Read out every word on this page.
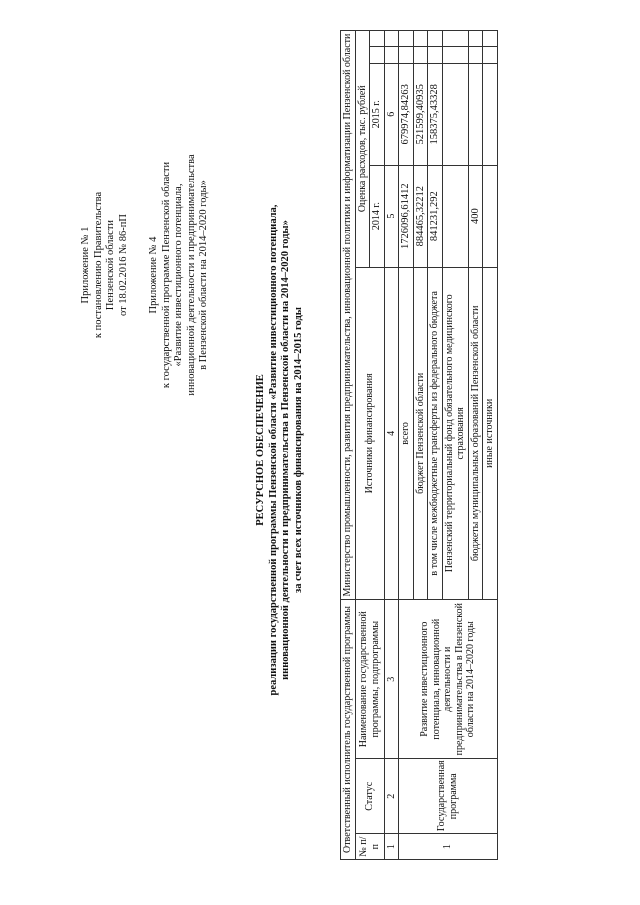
Приложение № 1 к постановлению Правительства Пензенской области от 18.02.2016 № 86-пП Приложение № 4 к государственной программе Пензенской области «Развитие инвестиционного потенциала, инновационной деятельности и предпринимательства в Пензенской области на 2014–2020 годы»
РЕСУРСНОЕ ОБЕСПЕЧЕНИЕ реализации государственной программы Пензенской области «Развитие инвестиционного потенциала, инновационной деятельности и предпринимательства в Пензенской области на 2014–2020 годы» за счет всех источников финансирования на 2014–2015 годы
Ответственный исполнитель государственной программы			Министерство промышленности, развития предпринимательства, инновационной политики и информатизации Пензенской области				
№ п/п	Статус	Наименование государственной программы, подпрограммы	Источники финансирования	Оценка расходов, тыс. рублей			
				2014 г.	2015 г.		
1	2	3	4	5	6		
1	Государственная программа	Развитие инвестиционного потенциала, инновационной деятельности и предпринимательства в Пензенской области на 2014–2020 годы	всего	1726096,61412	679974,84263		
			бюджет Пензенской области	884465,32212	521599,40935		
			в том числе межбюджетные трансферты из федерального бюджета	841231,292	158375,43328		
			Пензенский территориальный фонд обязательного медицинского страхования				
			бюджеты муниципальных образований Пензенской области	400			
			иные источники				
